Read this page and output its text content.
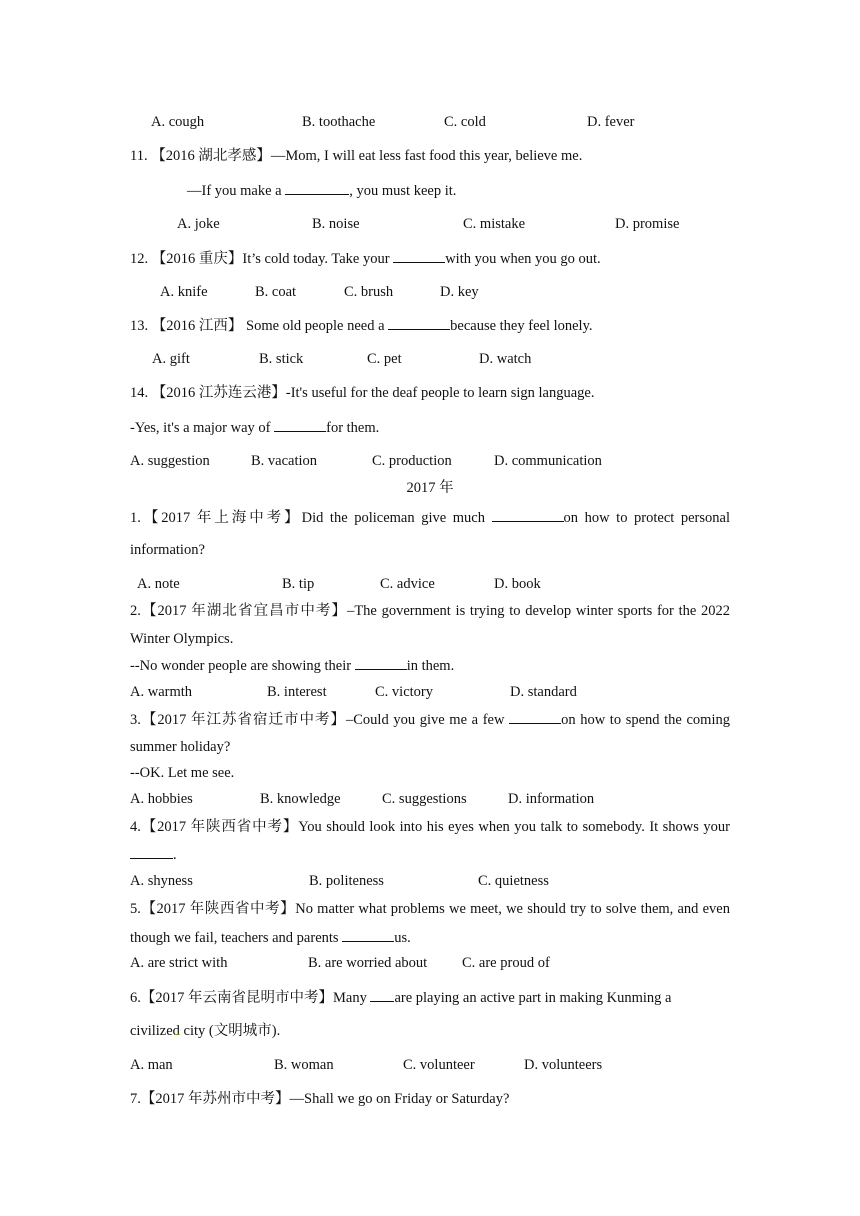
A. cough	B. toothache	C. cold	D. fever
11. 【2016 湖北孝感】—Mom, I will eat less fast food this year, believe me.
—If you make a	, you must keep it.
A. joke	B. noise	C. mistake	D. promise
12. 【2016 重庆】It’s cold today. Take your	with you when you go out.
A. knife	B. coat	C. brush	D. key
13. 【2016 江西】 Some old people need a	because they feel lonely.
A. gift	B. stick	C. pet	D. watch
14. 【2016 江苏连云港】-It's useful for the deaf people to learn sign language.
-Yes, it's a major way of	for them.
A. suggestion	B. vacation	C. production	D. communication
2017 年
1.【2017 年上海中考】Did the policeman give much	on how to protect personal
information?
A. note	B. tip	C. advice	D. book
2.【2017 年湖北省宜昌市中考】–The government is trying to develop winter sports for the 2022
Winter Olympics.
--No wonder people are showing their	in them.
A. warmth	B. interest	C. victory	D. standard
3.【2017 年江苏省宿迁市中考】–Could you give me a few	on how to spend the coming
summer holiday?
--OK. Let me see.
A. hobbies	B. knowledge	C. suggestions	D. information
4.【2017 年陕西省中考】You should look into his eyes when you talk to somebody. It shows your
.
A. shyness	B. politeness	C. quietness
5.【2017 年陕西省中考】No matter what problems we meet, we should try to solve them, and even
though we fail, teachers and parents	us.
A. are strict with	B. are worried about C. are proud of
6.【2017 年云南省昆明市中考】Many are playing an active part in making Kunming a
civilized city (文明城市).
A. man	B. woman	C. volunteer	D. volunteers
7.【2017 年苏州市中考】—Shall we go on Friday or Saturday?
